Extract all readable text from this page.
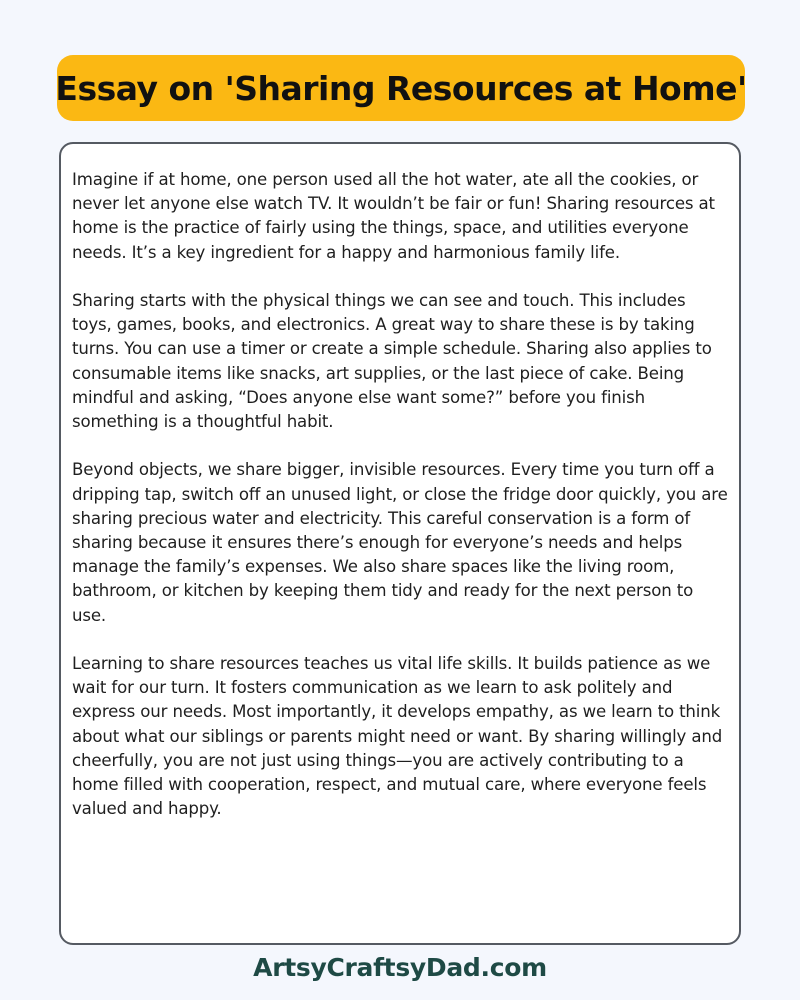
Essay on 'Sharing Resources at Home'

Imagine if at home, one person used all the hot water, ate all the cookies, or never let anyone else watch TV. It wouldn’t be fair or fun! Sharing resources at home is the practice of fairly using the things, space, and utilities everyone needs. It’s a key ingredient for a happy and harmonious family life.

Sharing starts with the physical things we can see and touch. This includes toys, games, books, and electronics. A great way to share these is by taking turns. You can use a timer or create a simple schedule. Sharing also applies to consumable items like snacks, art supplies, or the last piece of cake. Being mindful and asking, “Does anyone else want some?” before you finish something is a thoughtful habit.

Beyond objects, we share bigger, invisible resources. Every time you turn off a dripping tap, switch off an unused light, or close the fridge door quickly, you are sharing precious water and electricity. This careful conservation is a form of sharing because it ensures there’s enough for everyone’s needs and helps manage the family’s expenses. We also share spaces like the living room, bathroom, or kitchen by keeping them tidy and ready for the next person to use.

Learning to share resources teaches us vital life skills. It builds patience as we wait for our turn. It fosters communication as we learn to ask politely and express our needs. Most importantly, it develops empathy, as we learn to think about what our siblings or parents might need or want. By sharing willingly and cheerfully, you are not just using things—you are actively contributing to a home filled with cooperation, respect, and mutual care, where everyone feels valued and happy.

ArtsyCraftsyDad.com
